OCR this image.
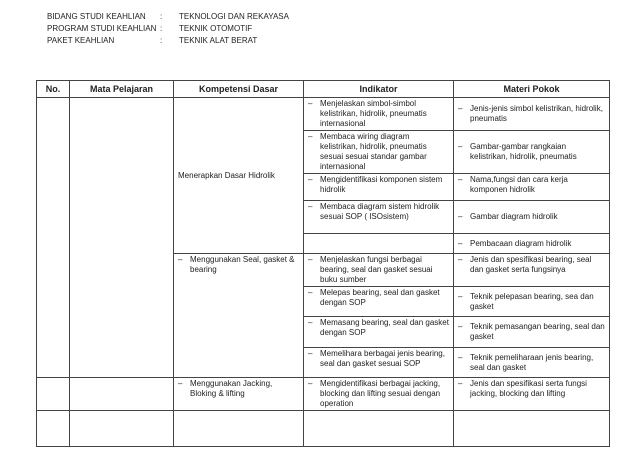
BIDANG STUDI KEAHLIAN : TEKNOLOGI DAN REKAYASA
PROGRAM STUDI KEAHLIAN : TEKNIK OTOMOTIF
PAKET KEAHLIAN	: TEKNIK ALAT BERAT
No.	Mata Pelajaran	Kompetensi Dasar	Indikator	Materi Pokok
		Menerapkan Dasar Hidrolik	– Menjelaskan simbol-simbol kelistrikan, hidrolik, pneumatis internasional	– Jenis-jenis simbol kelistrikan, hidrolik, pneumatis

			– Membaca wiring diagram kelistrikan, hidrolik, pneumatis sesuai sesuai standar gambar internasional	– Gambar-gambar rangkaian kelistrikan, hidrolik, pneumatis

			– Mengidentifikasi komponen sistem hidrolik	– Nama,fungsi dan cara kerja komponen hidrolik

			– Membaca diagram sistem hidrolik sesuai SOP ( ISOsistem)	– Gambar diagram hidrolik

				– Pembacaan diagram hidrolik

		– Menggunakan Seal, gasket & bearing	– Menjelaskan fungsi berbagai bearing, seal dan gasket sesuai buku sumber	– Jenis dan spesifikasi bearing, seal dan gasket serta fungsinya

			– Melepas bearing, seal dan gasket dengan SOP	– Teknik pelepasan bearing, sea dan gasket

			– Memasang bearing, seal dan gasket dengan SOP	– Teknik pemasangan bearing, seal dan gasket

			– Memelihara berbagai jenis bearing, seal dan gasket sesuai SOP	– Teknik pemeliharaan jenis bearing, seal dan gasket

		– Menggunakan Jacking, Bloking & lifting	– Mengidentifikasi berbagai jacking, blocking dan lifting sesuai dengan operation	– Jenis dan spesifikasi serta fungsi jacking, blocking dan lifting
